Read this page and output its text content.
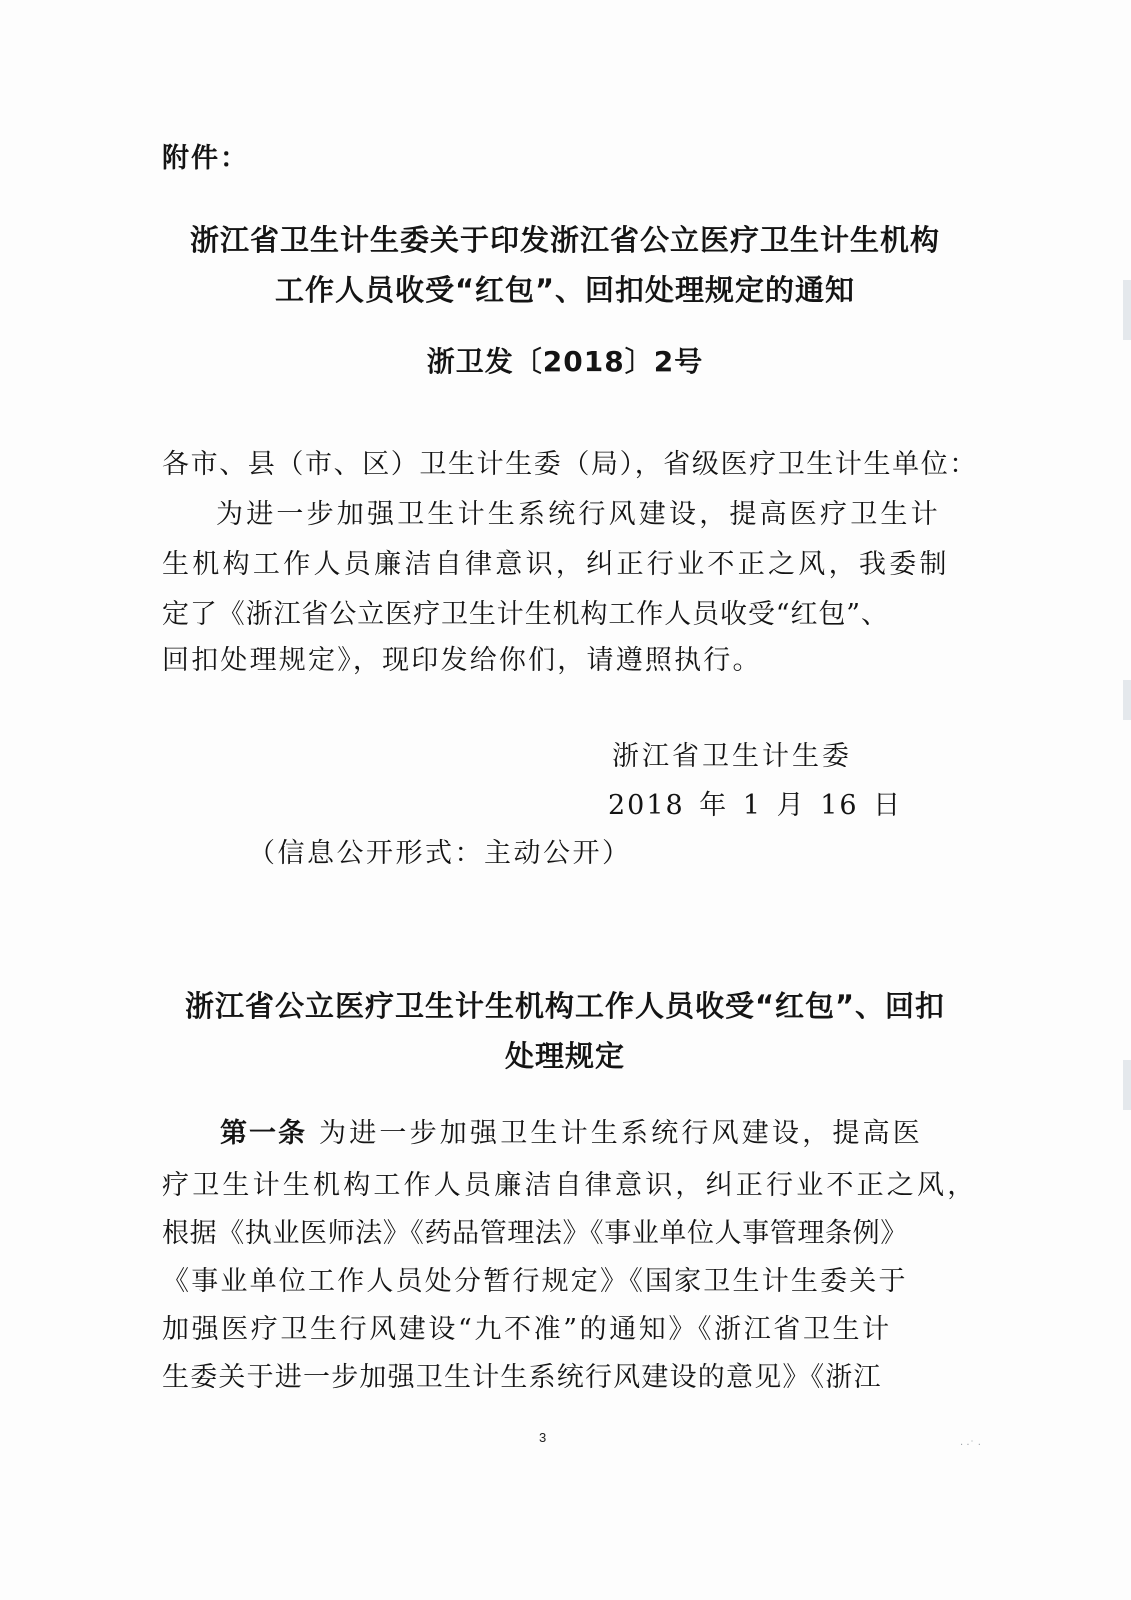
附件：
浙江省卫生计生委关于印发浙江省公立医疗卫生计生机构
工作人员收受“红包”、回扣处理规定的通知
浙卫发〔2018〕2号
各市、县（市、区）卫生计生委（局），省级医疗卫生计生单位：
为进一步加强卫生计生系统行风建设，提高医疗卫生计
生机构工作人员廉洁自律意识，纠正行业不正之风，我委制
定了《浙江省公立医疗卫生计生机构工作人员收受“红包”、
回扣处理规定》，现印发给你们，请遵照执行。
浙江省卫生计生委
2018 年 1 月 16 日
（信息公开形式：主动公开）
浙江省公立医疗卫生计生机构工作人员收受“红包”、回扣
处理规定
第一条 为进一步加强卫生计生系统行风建设，提高医
疗卫生计生机构工作人员廉洁自律意识，纠正行业不正之风，
根据《执业医师法》《药品管理法》《事业单位人事管理条例》
《事业单位工作人员处分暂行规定》《国家卫生计生委关于
加强医疗卫生行风建设“九不准”的通知》《浙江省卫生计
生委关于进一步加强卫生计生系统行风建设的意见》《浙江
3
· ·˙ ·
